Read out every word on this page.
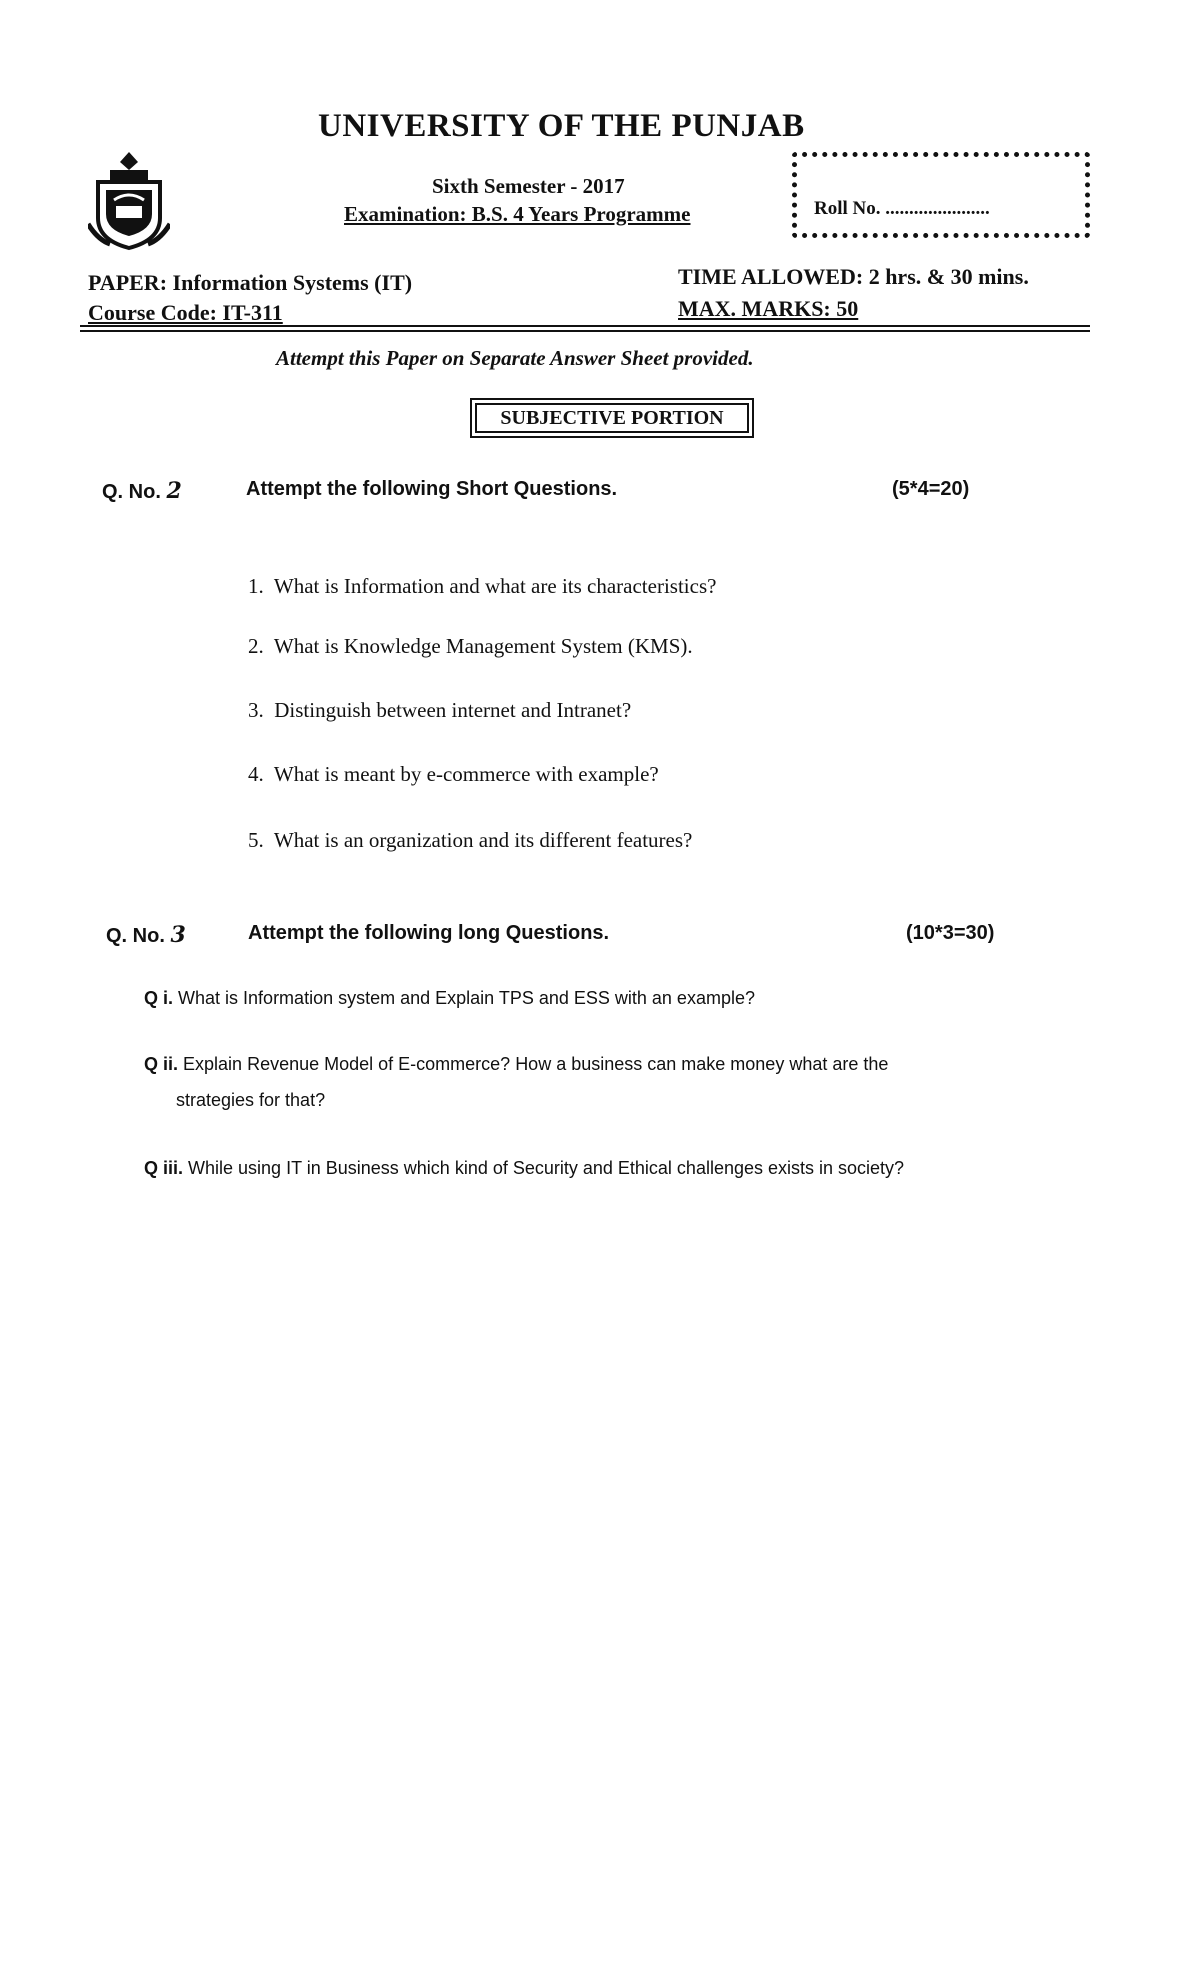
UNIVERSITY OF THE PUNJAB
Sixth Semester - 2017
Examination: B.S. 4 Years Programme	Roll No. ......................
PAPER: Information Systems (IT)
Course Code: IT-311
TIME ALLOWED: 2 hrs. & 30 mins.
MAX. MARKS: 50
Attempt this Paper on Separate Answer Sheet provided.
SUBJECTIVE PORTION
Q. No. 2	Attempt the following Short Questions.	(5*4=20)
1. What is Information and what are its characteristics?
2. What is Knowledge Management System (KMS).
3. Distinguish between internet and Intranet?
4. What is meant by e-commerce with example?
5. What is an organization and its different features?
Q. No. 3	Attempt the following long Questions.	(10*3=30)
Q i. What is Information system and Explain TPS and ESS with an example?
Q ii. Explain Revenue Model of E-commerce? How a business can make money what are the
strategies for that?
Q iii. While using IT in Business which kind of Security and Ethical challenges exists in society?
